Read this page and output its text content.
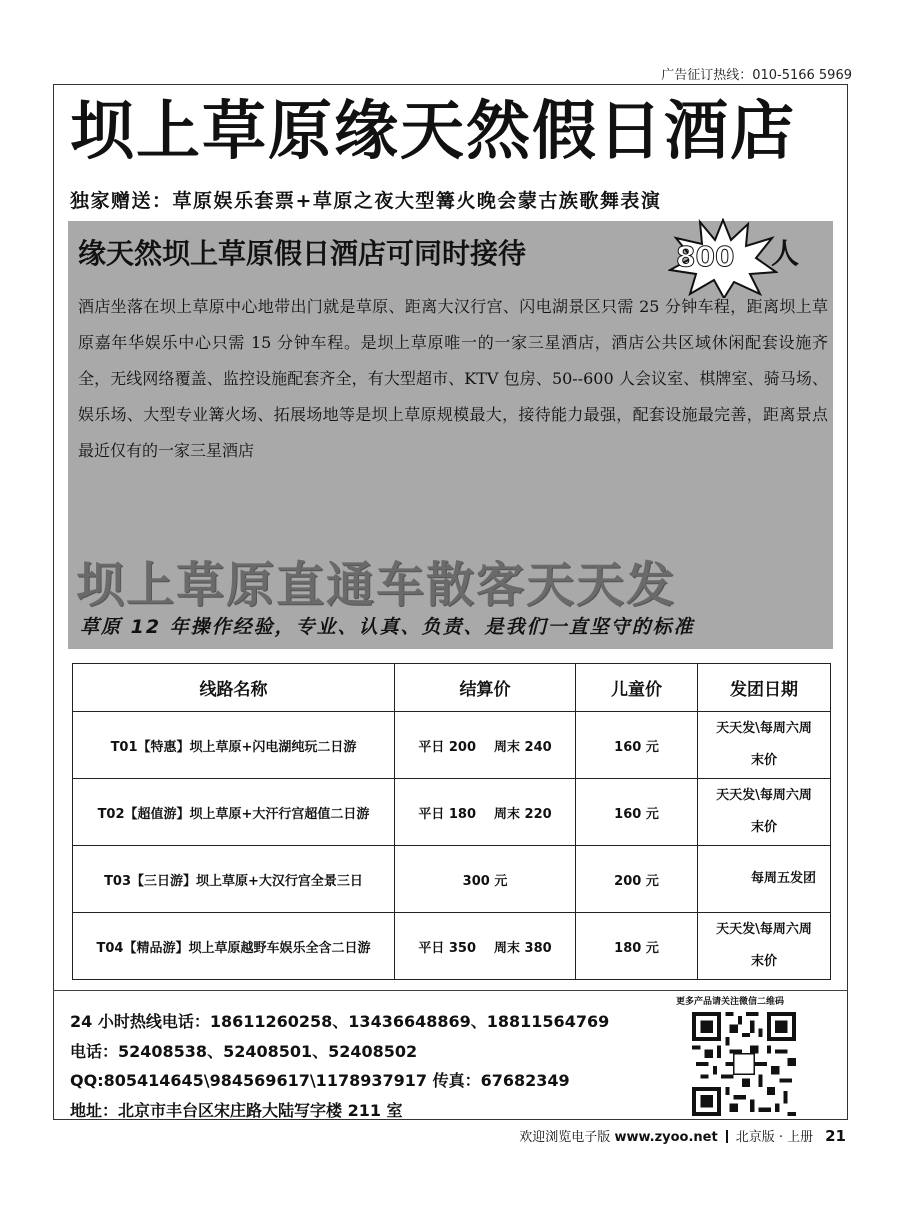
广告征订热线：010-5166 5969
坝上草原缘天然假日酒店
独家赠送：草原娱乐套票+草原之夜大型篝火晚会蒙古族歌舞表演
缘天然坝上草原假日酒店可同时接待	800 人
酒店坐落在坝上草原中心地带出门就是草原、距离大汉行宫、闪电湖景区只需 25 分钟车程，距离坝上草原嘉年华娱乐中心只需 15 分钟车程。是坝上草原唯一的一家三星酒店，酒店公共区域休闲配套设施齐全，无线网络覆盖、监控设施配套齐全，有大型超市、KTV 包房、50--600 人会议室、棋牌室、骑马场、娱乐场、大型专业篝火场、拓展场地等是坝上草原规模最大，接待能力最强，配套设施最完善，距离景点最近仅有的一家三星酒店
坝上草原直通车散客天天发
草原 12 年操作经验，专业、认真、负责、是我们一直坚守的标准
线路名称	结算价	儿童价	发团日期
T01【特惠】坝上草原+闪电湖纯玩二日游	平日 200 周末 240	160 元	天天发\每周六周
末价

T02【超值游】坝上草原+大汗行宫超值二日游	平日 180 周末 220	160 元	天天发\每周六周
末价

T03【三日游】坝上草原+大汉行宫全景三日	300 元	200 元	每周五发团
T04【精品游】坝上草原越野车娱乐全含二日游	平日 350 周末 380	180 元	天天发\每周六周
末价
24 小时热线电话：18611260258、13436648869、18811564769
电话：52408538、52408501、52408502
QQ:805414645\984569617\1178937917 传真：67682349
地址：北京市丰台区宋庄路大陆写字楼 211 室
更多产品请关注微信二维码
欢迎浏览电子版 www.zyoo.net 北京版 · 上册 21
